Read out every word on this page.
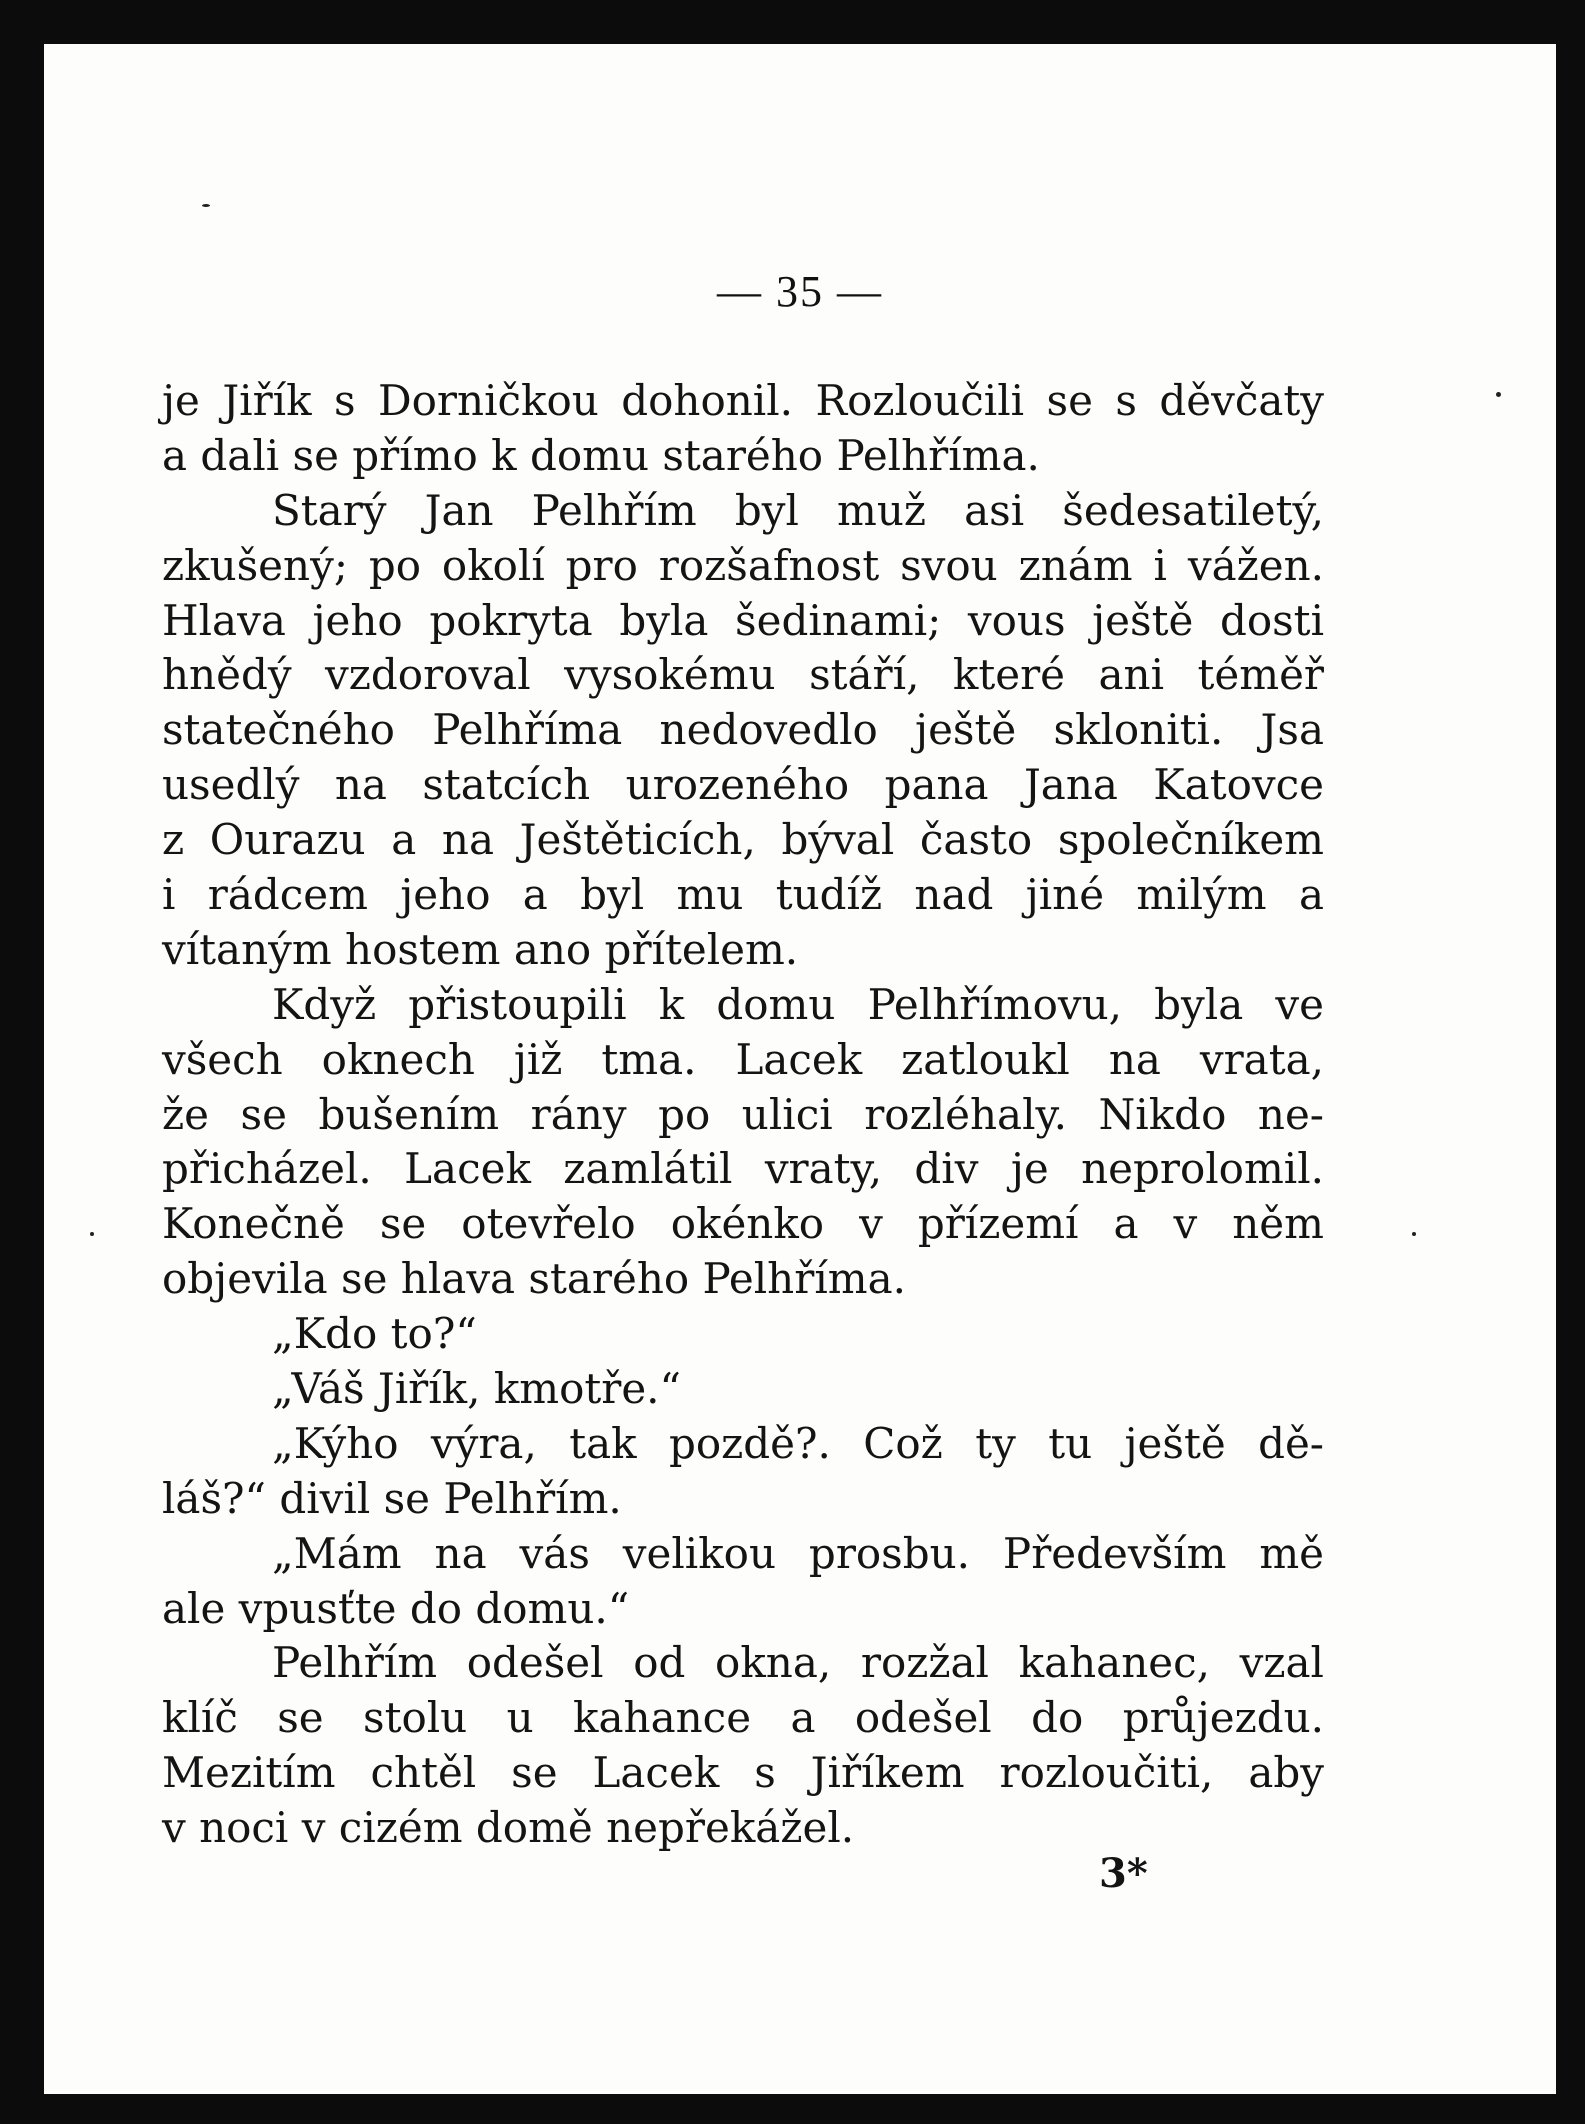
— 35 —
je Jiřík s Dorničkou dohonil. Rozloučili se s děvčaty
a dali se přímo k domu starého Pelhříma.
Starý Jan Pelhřím byl muž asi šedesatiletý,
zkušený; po okolí pro rozšafnost svou znám i vážen.
Hlava jeho pokryta byla šedinami; vous ještě dosti
hnědý vzdoroval vysokému stáří, které ani téměř
statečného Pelhříma nedovedlo ještě skloniti. Jsa
usedlý na statcích urozeného pana Jana Katovce
z Ourazu a na Ještěticích, býval často společníkem
i rádcem jeho a byl mu tudíž nad jiné milým a
vítaným hostem ano přítelem.
Když přistoupili k domu Pelhřímovu, byla ve
všech oknech již tma. Lacek zatloukl na vrata,
že se bušením rány po ulici rozléhaly. Nikdo ne-
přicházel. Lacek zamlátil vraty, div je neprolomil.
Konečně se otevřelo okénko v přízemí a v něm
objevila se hlava starého Pelhříma.
„Kdo to?“
„Váš Jiřík, kmotře.“
„Kýho výra, tak pozdě?. Což ty tu ještě dě-
láš?“ divil se Pelhřím.
„Mám na vás velikou prosbu. Především mě
ale vpusťte do domu.“
Pelhřím odešel od okna, rozžal kahanec, vzal
klíč se stolu u kahance a odešel do průjezdu.
Mezitím chtěl se Lacek s Jiříkem rozloučiti, aby
v noci v cizém domě nepřekážel.
3*
